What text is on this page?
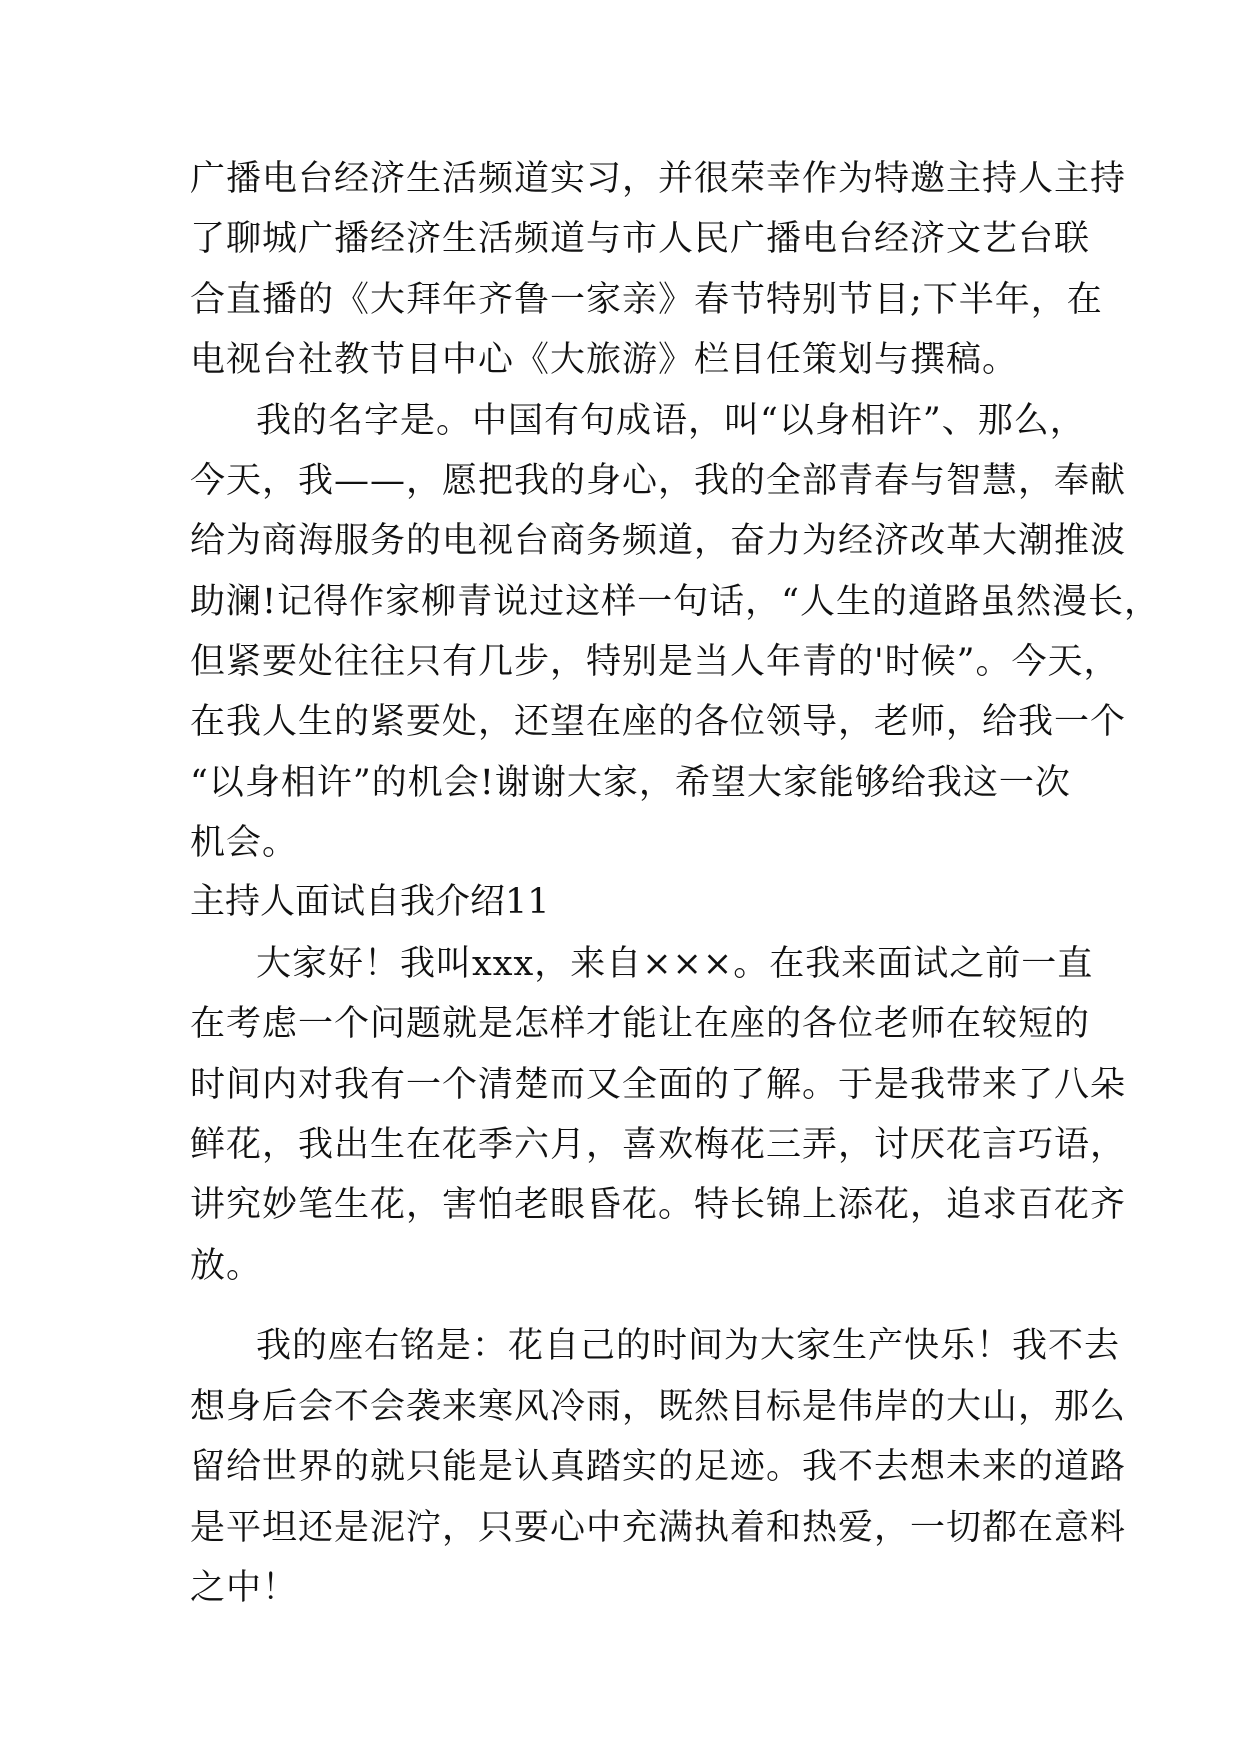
广播电台经济生活频道实习，并很荣幸作为特邀主持人主持
了聊城广播经济生活频道与市人民广播电台经济文艺台联
合直播的《大拜年齐鲁一家亲》春节特别节目;下半年，在
电视台社教节目中心《大旅游》栏目任策划与撰稿。
我的名字是。中国有句成语，叫“以身相许”、那么，
今天，我——，愿把我的身心，我的全部青春与智慧，奉献
给为商海服务的电视台商务频道，奋力为经济改革大潮推波
助澜!记得作家柳青说过这样一句话，“人生的道路虽然漫长，
但紧要处往往只有几步，特别是当人年青的'时候”。今天，
在我人生的紧要处，还望在座的各位领导，老师，给我一个
“以身相许”的机会!谢谢大家，希望大家能够给我这一次
机会。
主持人面试自我介绍11
大家好！我叫xxx，来自×××。在我来面试之前一直
在考虑一个问题就是怎样才能让在座的各位老师在较短的
时间内对我有一个清楚而又全面的了解。于是我带来了八朵
鲜花，我出生在花季六月，喜欢梅花三弄，讨厌花言巧语，
讲究妙笔生花，害怕老眼昏花。特长锦上添花，追求百花齐
放。
我的座右铭是：花自己的时间为大家生产快乐！我不去
想身后会不会袭来寒风冷雨，既然目标是伟岸的大山，那么
留给世界的就只能是认真踏实的足迹。我不去想未来的道路
是平坦还是泥泞，只要心中充满执着和热爱，一切都在意料
之中！
